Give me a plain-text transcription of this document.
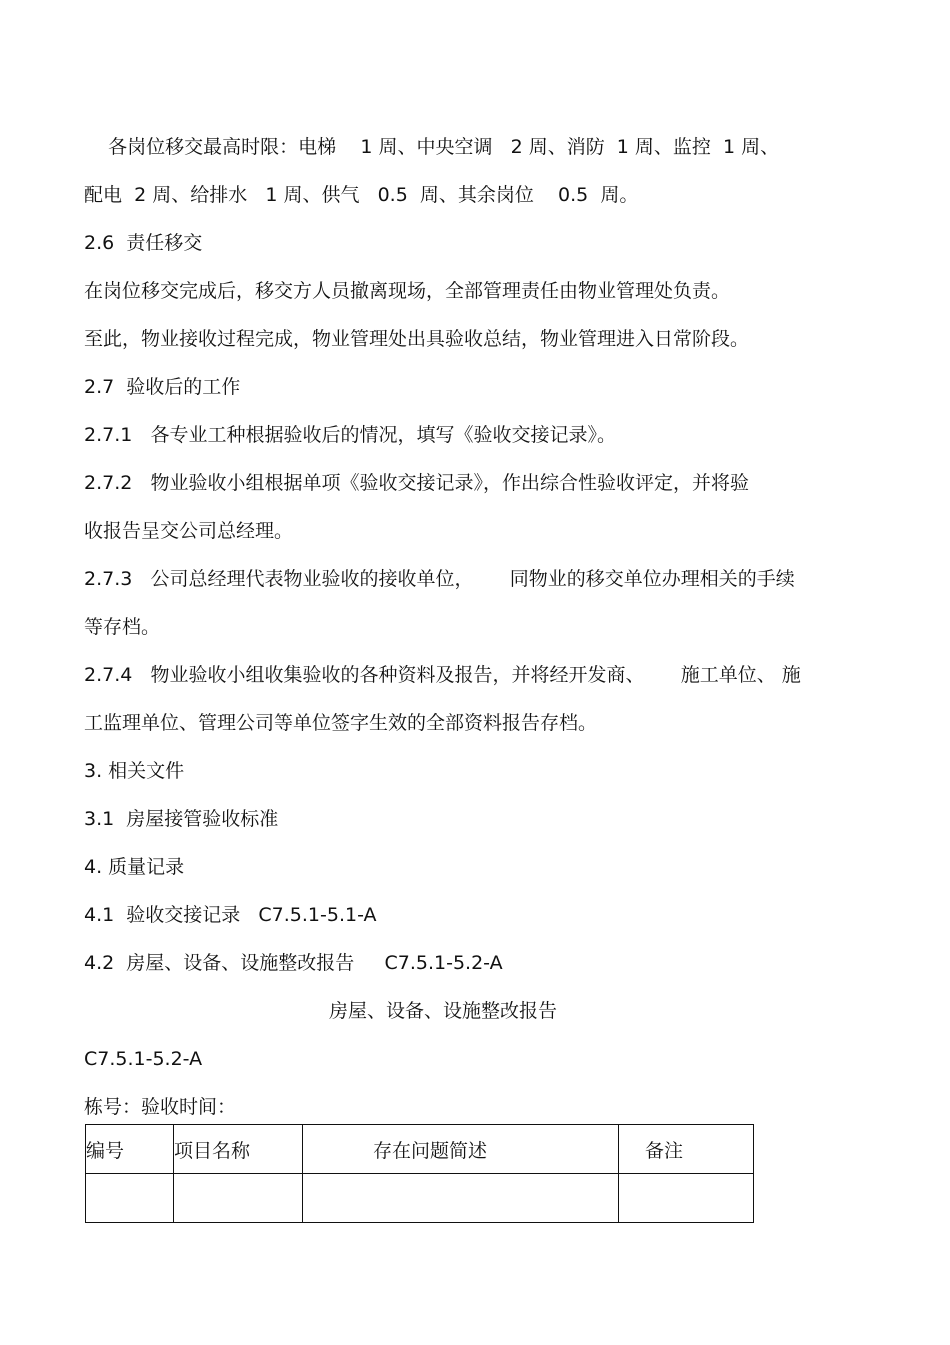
各岗位移交最高时限：电梯    1 周、中央空调   2 周、消防  1 周、监控  1 周、
配电  2 周、给排水   1 周、供气   0.5  周、其余岗位    0.5  周。
2.6  责任移交
在岗位移交完成后，移交方人员撤离现场，全部管理责任由物业管理处负责。
至此，物业接收过程完成，物业管理处出具验收总结，物业管理进入日常阶段。
2.7  验收后的工作
2.7.1   各专业工种根据验收后的情况，填写《验收交接记录》。
2.7.2   物业验收小组根据单项《验收交接记录》，作出综合性验收评定，并将验
收报告呈交公司总经理。
2.7.3   公司总经理代表物业验收的接收单位，      同物业的移交单位办理相关的手续
等存档。
2.7.4   物业验收小组收集验收的各种资料及报告，并将经开发商、      施工单位、 施
工监理单位、管理公司等单位签字生效的全部资料报告存档。
3. 相关文件
3.1  房屋接管验收标准
4. 质量记录
4.1  验收交接记录   C7.5.1-5.1-A
4.2  房屋、设备、设施整改报告     C7.5.1-5.2-A
房屋、设备、设施整改报告
C7.5.1-5.2-A
栋号：验收时间：
编号	项目名称	存在问题简述	备注
